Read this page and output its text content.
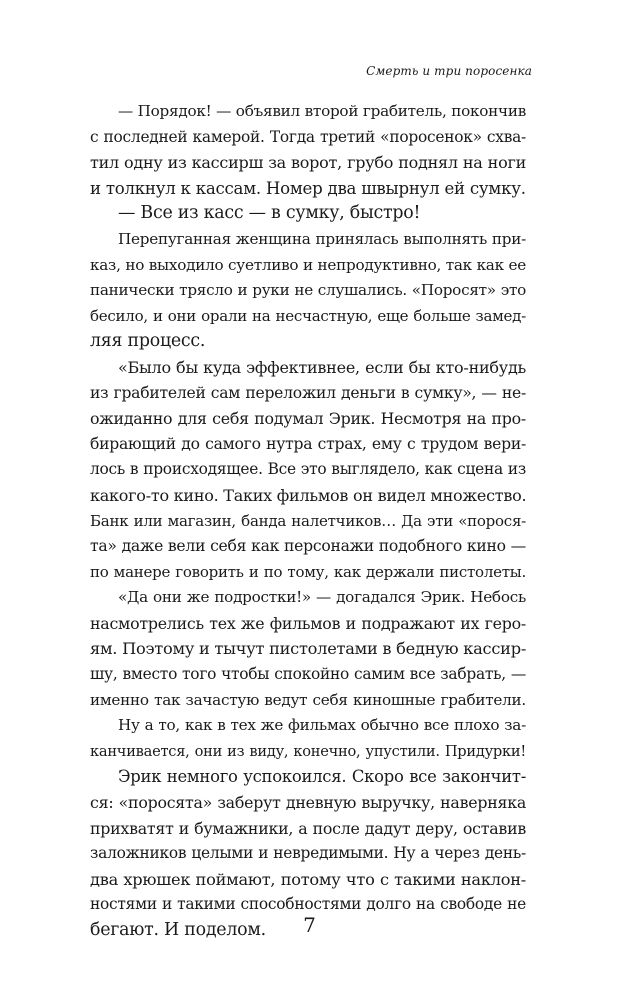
Смерть и три поросенка
— Порядок! — объявил второй грабитель, покончив
с последней камерой. Тогда третий «поросенок» схва-
тил одну из кассирш за ворот, грубо поднял на ноги
и толкнул к кассам. Номер два швырнул ей сумку.
— Все из касс — в сумку, быстро!
Перепуганная женщина принялась выполнять при-
каз, но выходило суетливо и непродуктивно, так как ее
панически трясло и руки не слушались. «Поросят» это
бесило, и они орали на несчастную, еще больше замед-
ляя процесс.
«Было бы куда эффективнее, если бы кто-нибудь
из грабителей сам переложил деньги в сумку», — не-
ожиданно для себя подумал Эрик. Несмотря на про-
бирающий до самого нутра страх, ему с трудом вери-
лось в происходящее. Все это выглядело, как сцена из
какого-то кино. Таких фильмов он видел множество.
Банк или магазин, банда налетчиков… Да эти «порося-
та» даже вели себя как персонажи подобного кино —
по манере говорить и по тому, как держали пистолеты.
«Да они же подростки!» — догадался Эрик. Небось
насмотрелись тех же фильмов и подражают их геро-
ям. Поэтому и тычут пистолетами в бедную кассир-
шу, вместо того чтобы спокойно самим все забрать, —
именно так зачастую ведут себя киношные грабители.
Ну а то, как в тех же фильмах обычно все плохо за-
канчивается, они из виду, конечно, упустили. Придурки!
Эрик немного успокоился. Скоро все закончит-
ся: «поросята» заберут дневную выручку, наверняка
прихватят и бумажники, а после дадут деру, оставив
заложников целыми и невредимыми. Ну а через день-
два хрюшек поймают, потому что с такими наклон-
ностями и такими способностями долго на свободе не
бегают. И поделом.	7
